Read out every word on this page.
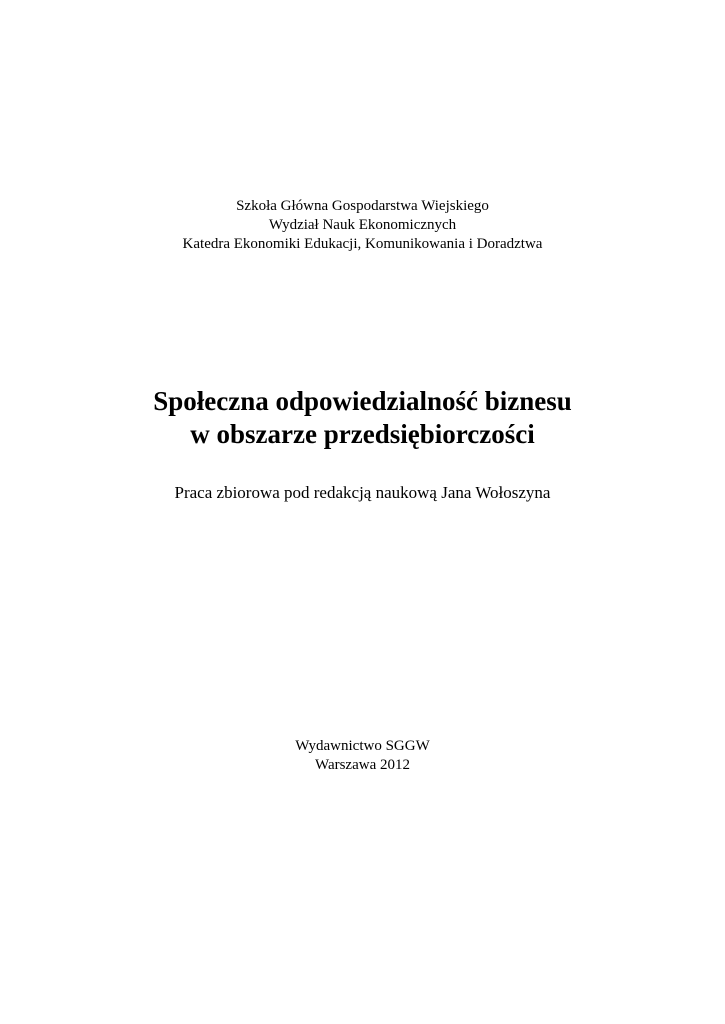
Szkoła Główna Gospodarstwa Wiejskiego
Wydział Nauk Ekonomicznych
Katedra Ekonomiki Edukacji, Komunikowania i Doradztwa
Społeczna odpowiedzialność biznesu
w obszarze przedsiębiorczości
Praca zbiorowa pod redakcją naukową Jana Wołoszyna
Wydawnictwo SGGW
Warszawa 2012
